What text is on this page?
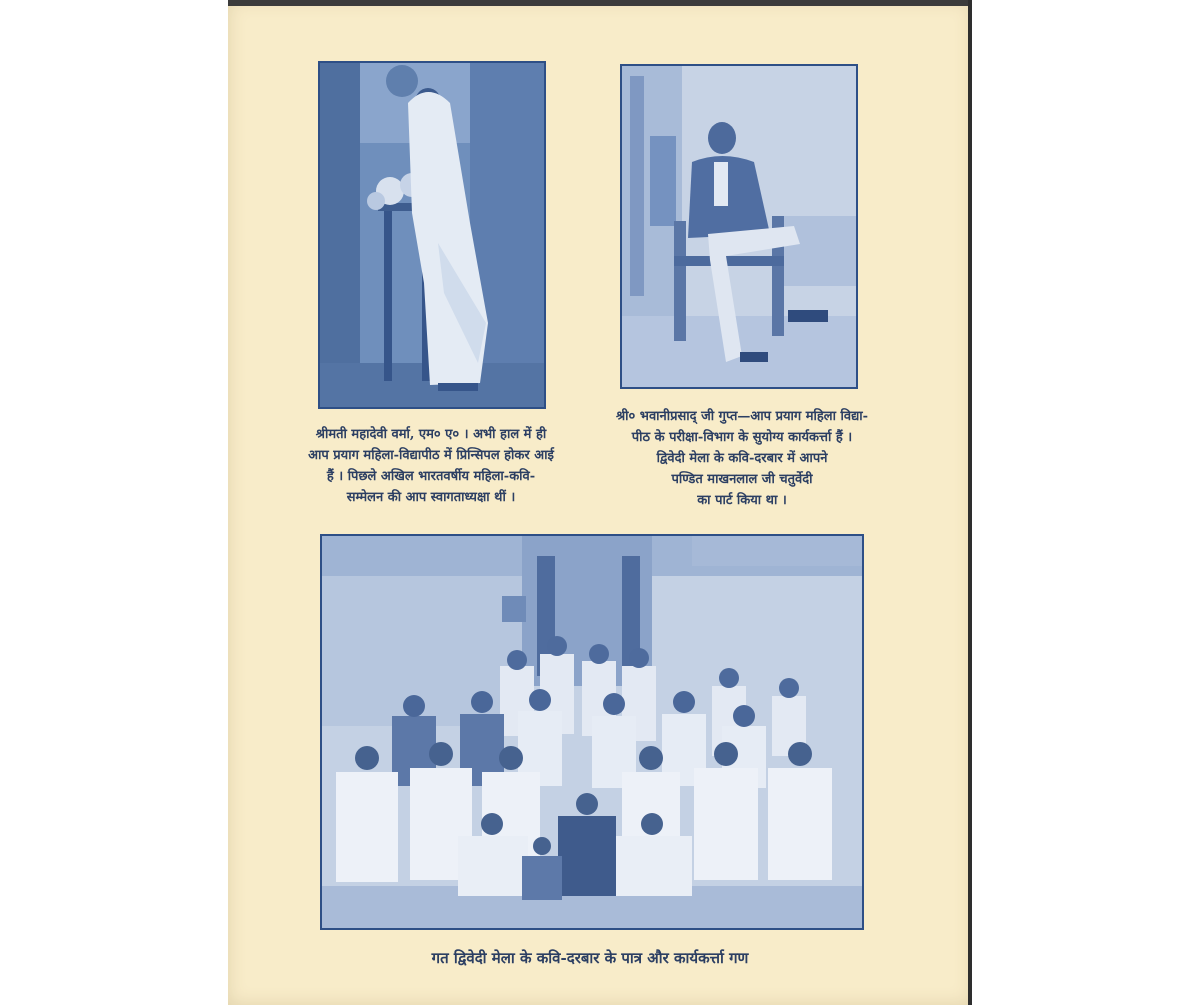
श्रीमती महादेवी वर्मा, एम० ए० । अभी हाल में ही
आप प्रयाग महिला-विद्यापीठ में प्रिन्सिपल होकर आई
हैं । पिछले अखिल भारतवर्षीय महिला-कवि-
सम्मेलन की आप स्वागताध्यक्षा थीं ।
श्री० भवानीप्रसाद् जी गुप्त—आप प्रयाग महिला विद्या-
पीठ के परीक्षा-विभाग के सुयोग्य कार्यकर्त्ता हैं ।
द्विवेदी मेला के कवि-दरबार में आपने
पण्डित माखनलाल जी चतुर्वेदी
का पार्ट किया था ।
गत द्विवेदी मेला के कवि-दरबार के पात्र और कार्यकर्त्ता गण
